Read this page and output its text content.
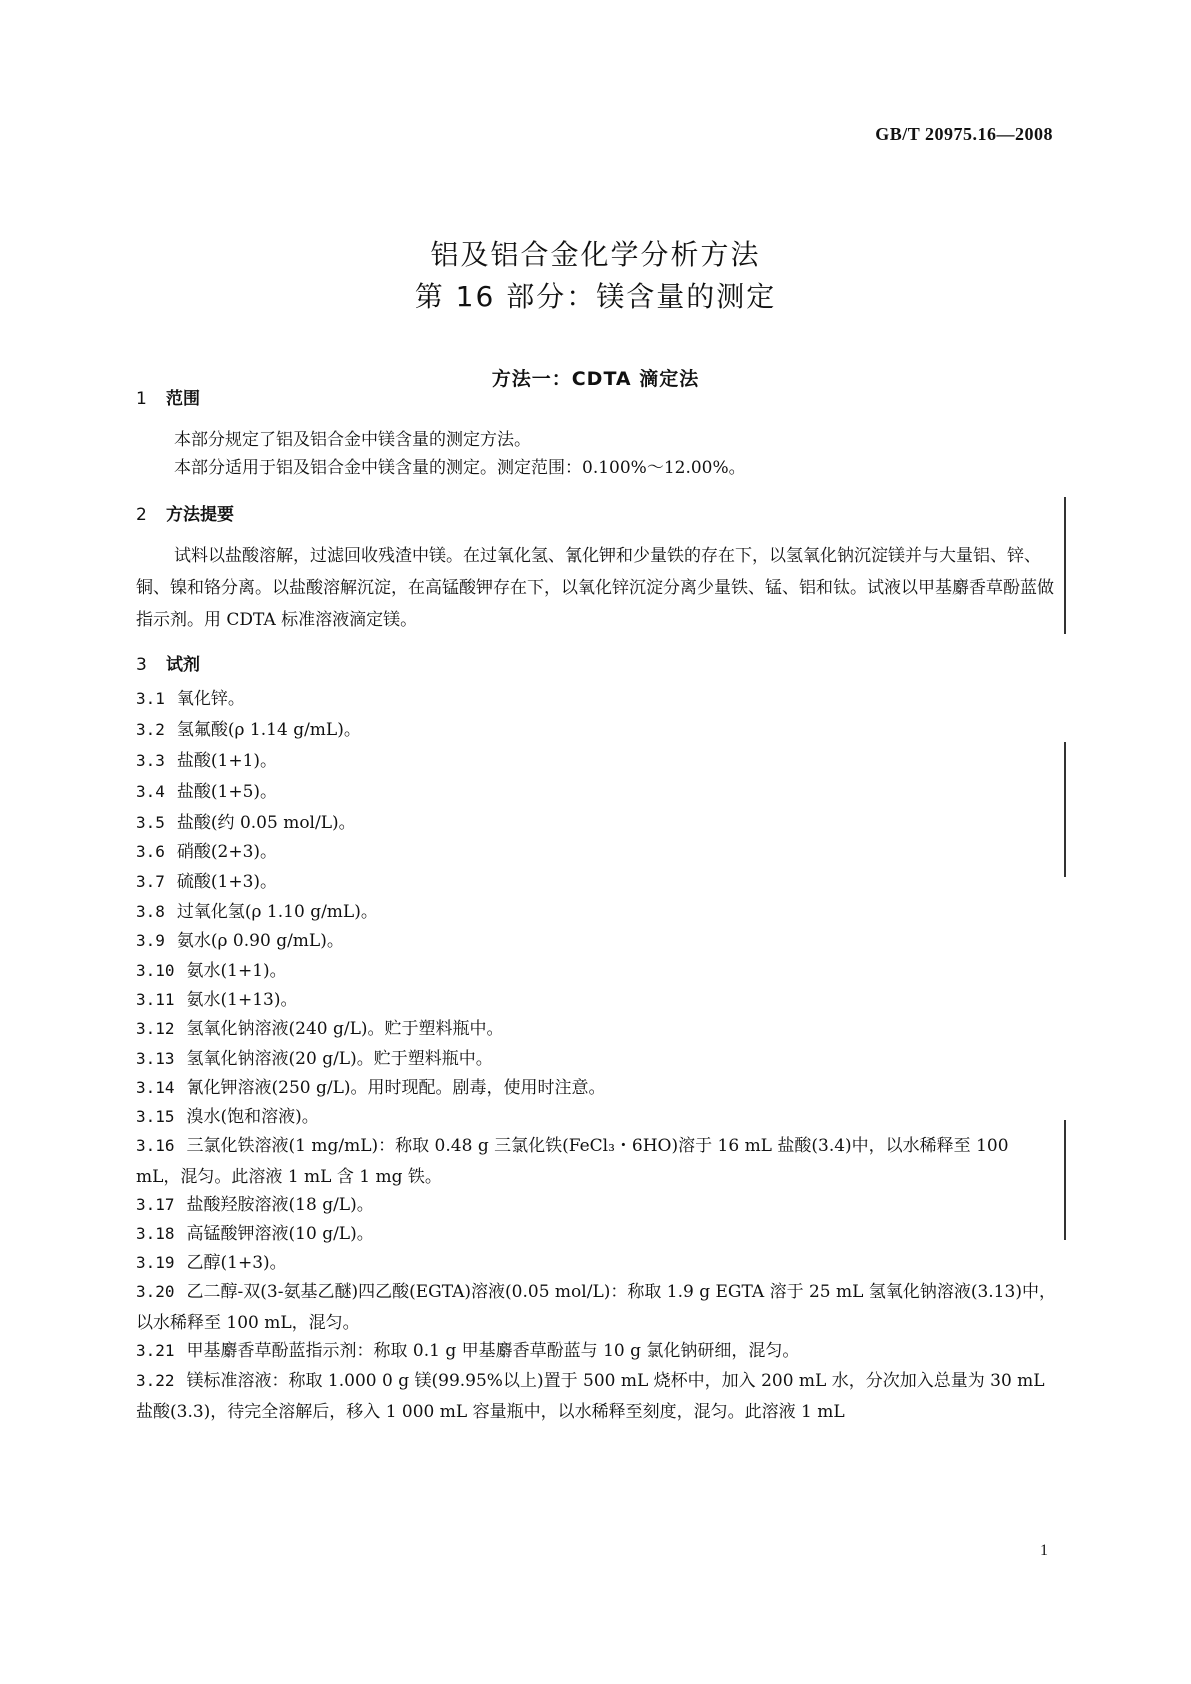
GB/T 20975.16—2008
铝及铝合金化学分析方法
第 16 部分：镁含量的测定
方法一：CDTA 滴定法
1 范围
本部分规定了铝及铝合金中镁含量的测定方法。
本部分适用于铝及铝合金中镁含量的测定。测定范围：0.100%～12.00%。
2 方法提要
试料以盐酸溶解，过滤回收残渣中镁。在过氧化氢、氰化钾和少量铁的存在下，以氢氧化钠沉淀镁并与大量铝、锌、铜、镍和铬分离。以盐酸溶解沉淀，在高锰酸钾存在下，以氧化锌沉淀分离少量铁、锰、铝和钛。试液以甲基麝香草酚蓝做指示剂。用 CDTA 标准溶液滴定镁。
3 试剂
3.1 氧化锌。
3.2 氢氟酸(ρ 1.14 g/mL)。
3.3 盐酸(1+1)。
3.4 盐酸(1+5)。
3.5 盐酸(约 0.05 mol/L)。
3.6 硝酸(2+3)。
3.7 硫酸(1+3)。
3.8 过氧化氢(ρ 1.10 g/mL)。
3.9 氨水(ρ 0.90 g/mL)。
3.10 氨水(1+1)。
3.11 氨水(1+13)。
3.12 氢氧化钠溶液(240 g/L)。贮于塑料瓶中。
3.13 氢氧化钠溶液(20 g/L)。贮于塑料瓶中。
3.14 氰化钾溶液(250 g/L)。用时现配。剧毒，使用时注意。
3.15 溴水(饱和溶液)。
3.16 三氯化铁溶液(1 mg/mL)：称取 0.48 g 三氯化铁(FeCl₃・6HO)溶于 16 mL 盐酸(3.4)中，以水稀释至 100 mL，混匀。此溶液 1 mL 含 1 mg 铁。
3.17 盐酸羟胺溶液(18 g/L)。
3.18 高锰酸钾溶液(10 g/L)。
3.19 乙醇(1+3)。
3.20 乙二醇-双(3-氨基乙醚)四乙酸(EGTA)溶液(0.05 mol/L)：称取 1.9 g EGTA 溶于 25 mL 氢氧化钠溶液(3.13)中，以水稀释至 100 mL，混匀。
3.21 甲基麝香草酚蓝指示剂：称取 0.1 g 甲基麝香草酚蓝与 10 g 氯化钠研细，混匀。
3.22 镁标准溶液：称取 1.000 0 g 镁(99.95%以上)置于 500 mL 烧杯中，加入 200 mL 水，分次加入总量为 30 mL 盐酸(3.3)，待完全溶解后，移入 1 000 mL 容量瓶中，以水稀释至刻度，混匀。此溶液 1 mL
1
